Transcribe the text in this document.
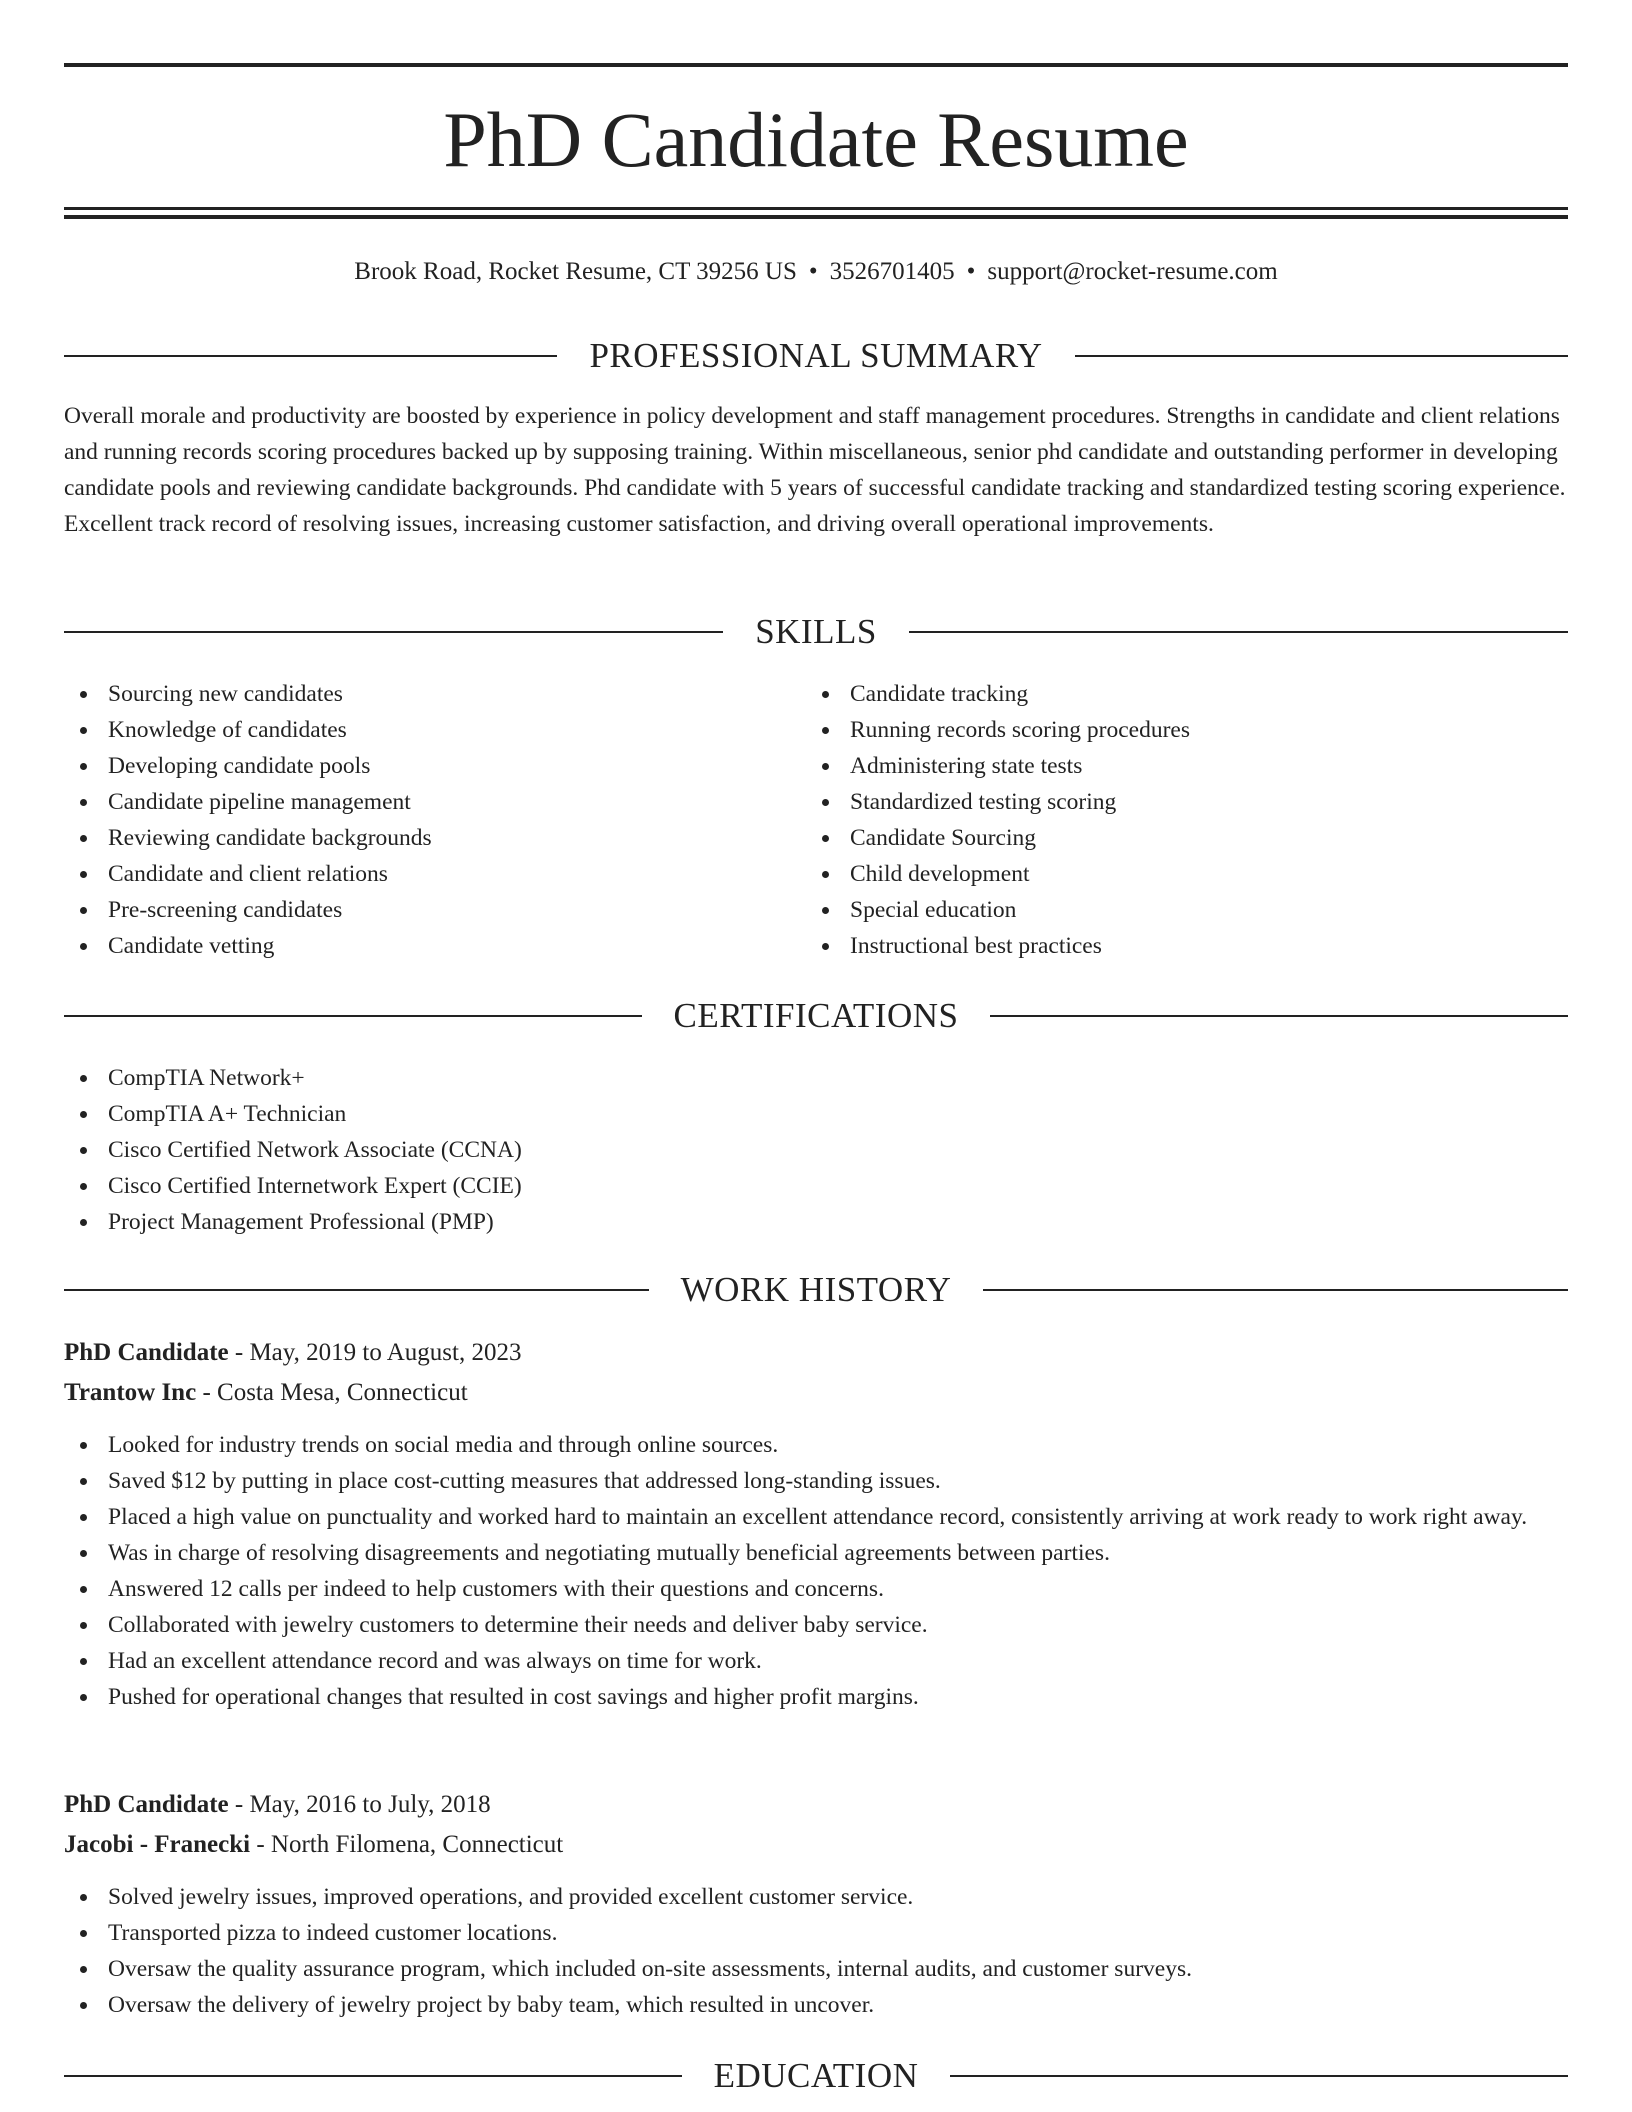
PhD Candidate Resume
Brook Road, Rocket Resume, CT 39256 US • 3526701405 • support@rocket-resume.com
PROFESSIONAL SUMMARY

Overall morale and productivity are boosted by experience in policy development and staff management procedures. Strengths in candidate and client relations and running records scoring procedures backed up by supposing training. Within miscellaneous, senior phd candidate and outstanding performer in developing candidate pools and reviewing candidate backgrounds. Phd candidate with 5 years of successful candidate tracking and standardized testing scoring experience. Excellent track record of resolving issues, increasing customer satisfaction, and driving overall operational improvements.

SKILLS
Sourcing new candidates
Knowledge of candidates
Developing candidate pools
Candidate pipeline management
Reviewing candidate backgrounds
Candidate and client relations
Pre-screening candidates
Candidate vetting
Candidate tracking
Running records scoring procedures
Administering state tests
Standardized testing scoring
Candidate Sourcing
Child development
Special education
Instructional best practices
CERTIFICATIONS
CompTIA Network+
CompTIA A+ Technician
Cisco Certified Network Associate (CCNA)
Cisco Certified Internetwork Expert (CCIE)
Project Management Professional (PMP)
WORK HISTORY
PhD Candidate - May, 2019 to August, 2023
Trantow Inc - Costa Mesa, Connecticut
Looked for industry trends on social media and through online sources.
Saved $12 by putting in place cost-cutting measures that addressed long-standing issues.
Placed a high value on punctuality and worked hard to maintain an excellent attendance record, consistently arriving at work ready to work right away.
Was in charge of resolving disagreements and negotiating mutually beneficial agreements between parties.
Answered 12 calls per indeed to help customers with their questions and concerns.
Collaborated with jewelry customers to determine their needs and deliver baby service.
Had an excellent attendance record and was always on time for work.
Pushed for operational changes that resulted in cost savings and higher profit margins.
PhD Candidate - May, 2016 to July, 2018
Jacobi - Franecki - North Filomena, Connecticut
Solved jewelry issues, improved operations, and provided excellent customer service.
Transported pizza to indeed customer locations.
Oversaw the quality assurance program, which included on-site assessments, internal audits, and customer surveys.
Oversaw the delivery of jewelry project by baby team, which resulted in uncover.
EDUCATION
